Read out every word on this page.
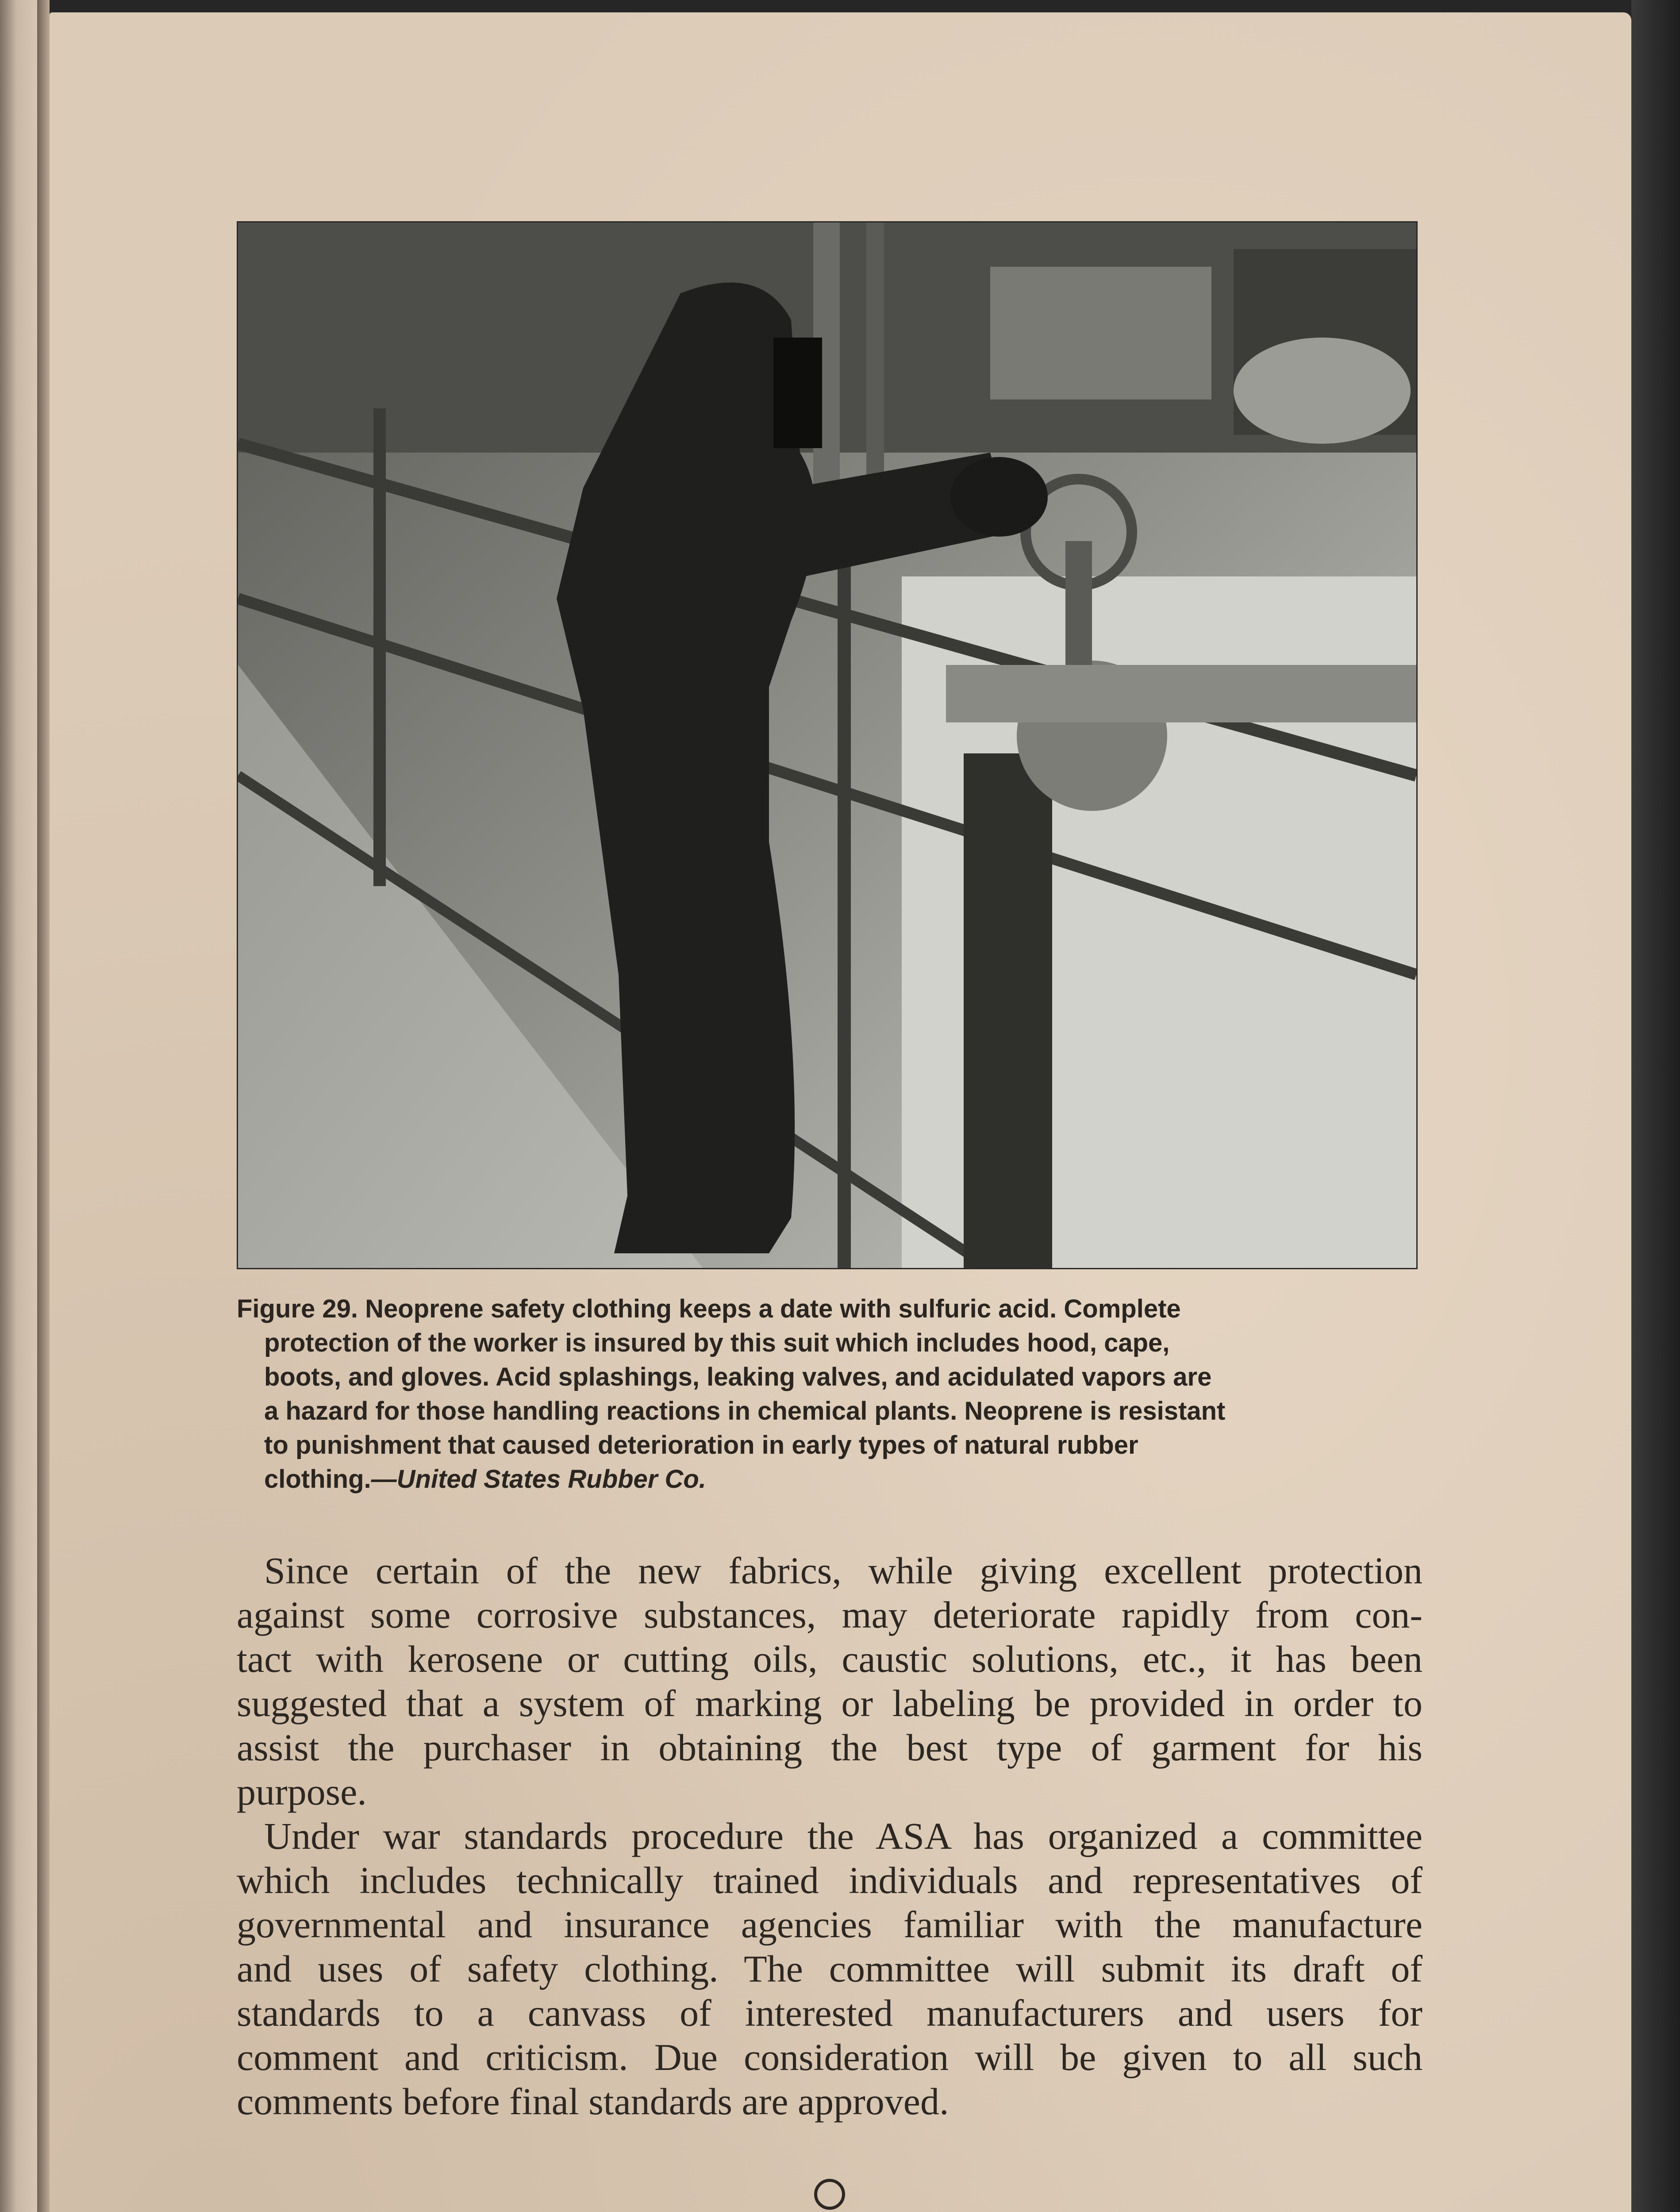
Figure 29. Neoprene safety clothing keeps a date with sulfuric acid. Complete
protection of the worker is insured by this suit which includes hood, cape,
boots, and gloves. Acid splashings, leaking valves, and acidulated vapors are
a hazard for those handling reactions in chemical plants. Neoprene is resistant
to punishment that caused deterioration in early types of natural rubber
clothing.—United States Rubber Co.
Since certain of the new fabrics, while giving excellent protection
against some corrosive substances, may deteriorate rapidly from con-
tact with kerosene or cutting oils, caustic solutions, etc., it has been
suggested that a system of marking or labeling be provided in order to
assist the purchaser in obtaining the best type of garment for his
purpose.
Under war standards procedure the ASA has organized a committee
which includes technically trained individuals and representatives of
governmental and insurance agencies familiar with the manufacture
and uses of safety clothing. The committee will submit its draft of
standards to a canvass of interested manufacturers and users for
comment and criticism. Due consideration will be given to all such
comments before final standards are approved.
